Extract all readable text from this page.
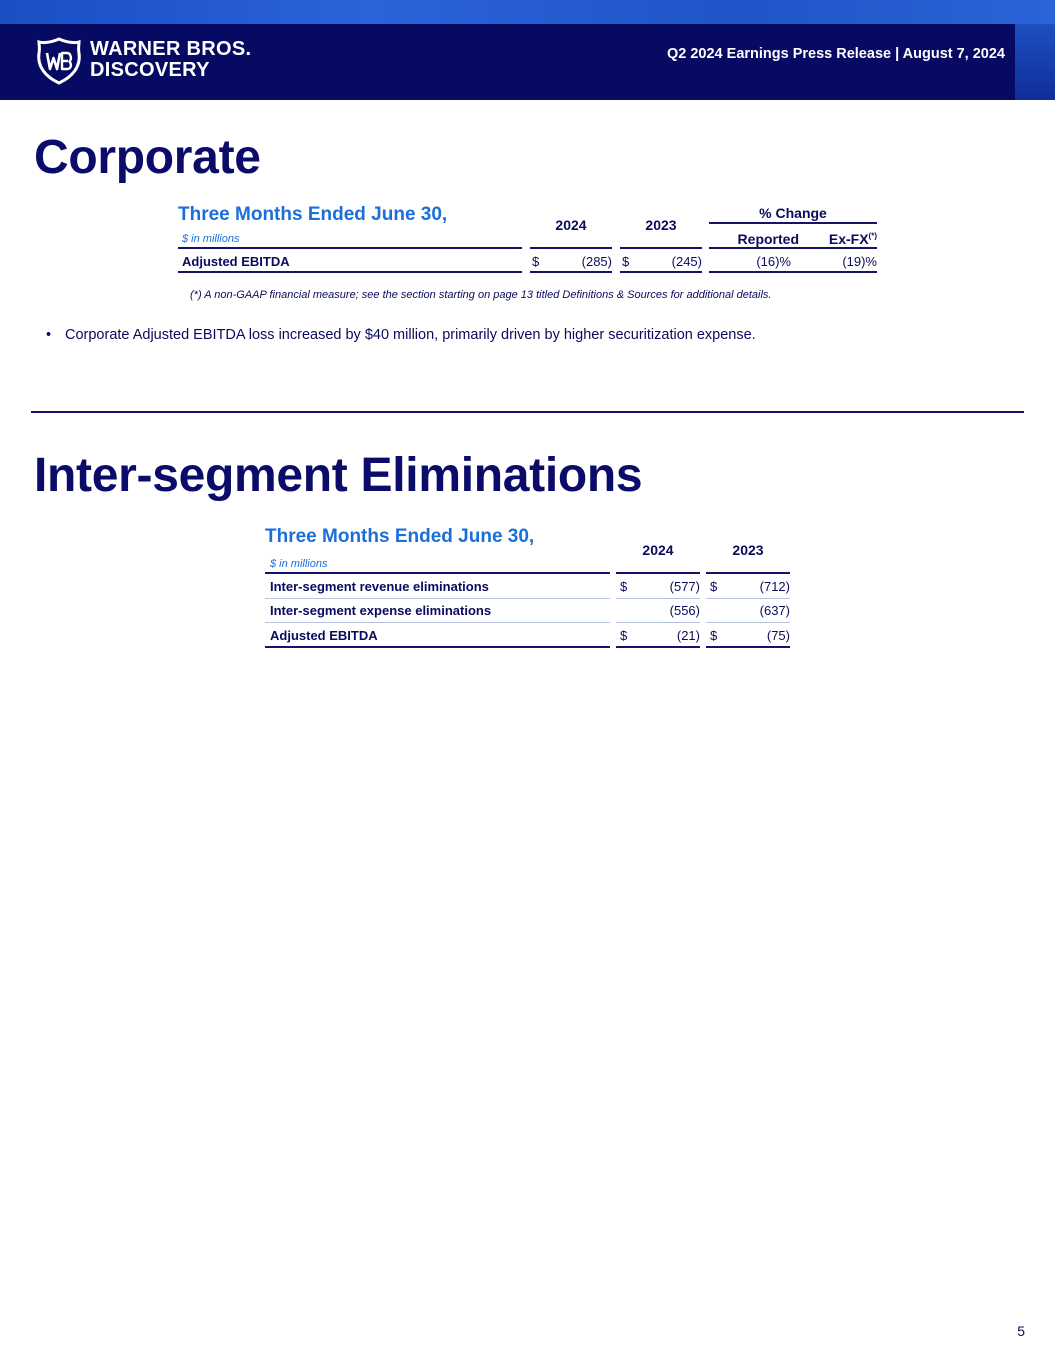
WARNER BROS.
DISCOVERY
Q2 2024 Earnings Press Release | August 7, 2024
Corporate
Three Months Ended June 30,
$ in millions
2024	2023
% Change
Reported	Ex-FX(*)
Adjusted EBITDA	$	(285) $	(245)	(16)%	(19)%
(*) A non-GAAP financial measure; see the section starting on page 13 titled Definitions & Sources for additional details.
• Corporate Adjusted EBITDA loss increased by $40 million, primarily driven by higher securitization expense.
Inter-segment Eliminations
Three Months Ended June 30,
$ in millions
2024	2023
Inter-segment revenue eliminations	$	(577) $	(712)
Inter-segment expense eliminations	(556)	(637)
Adjusted EBITDA	$	(21) $	(75)
5
